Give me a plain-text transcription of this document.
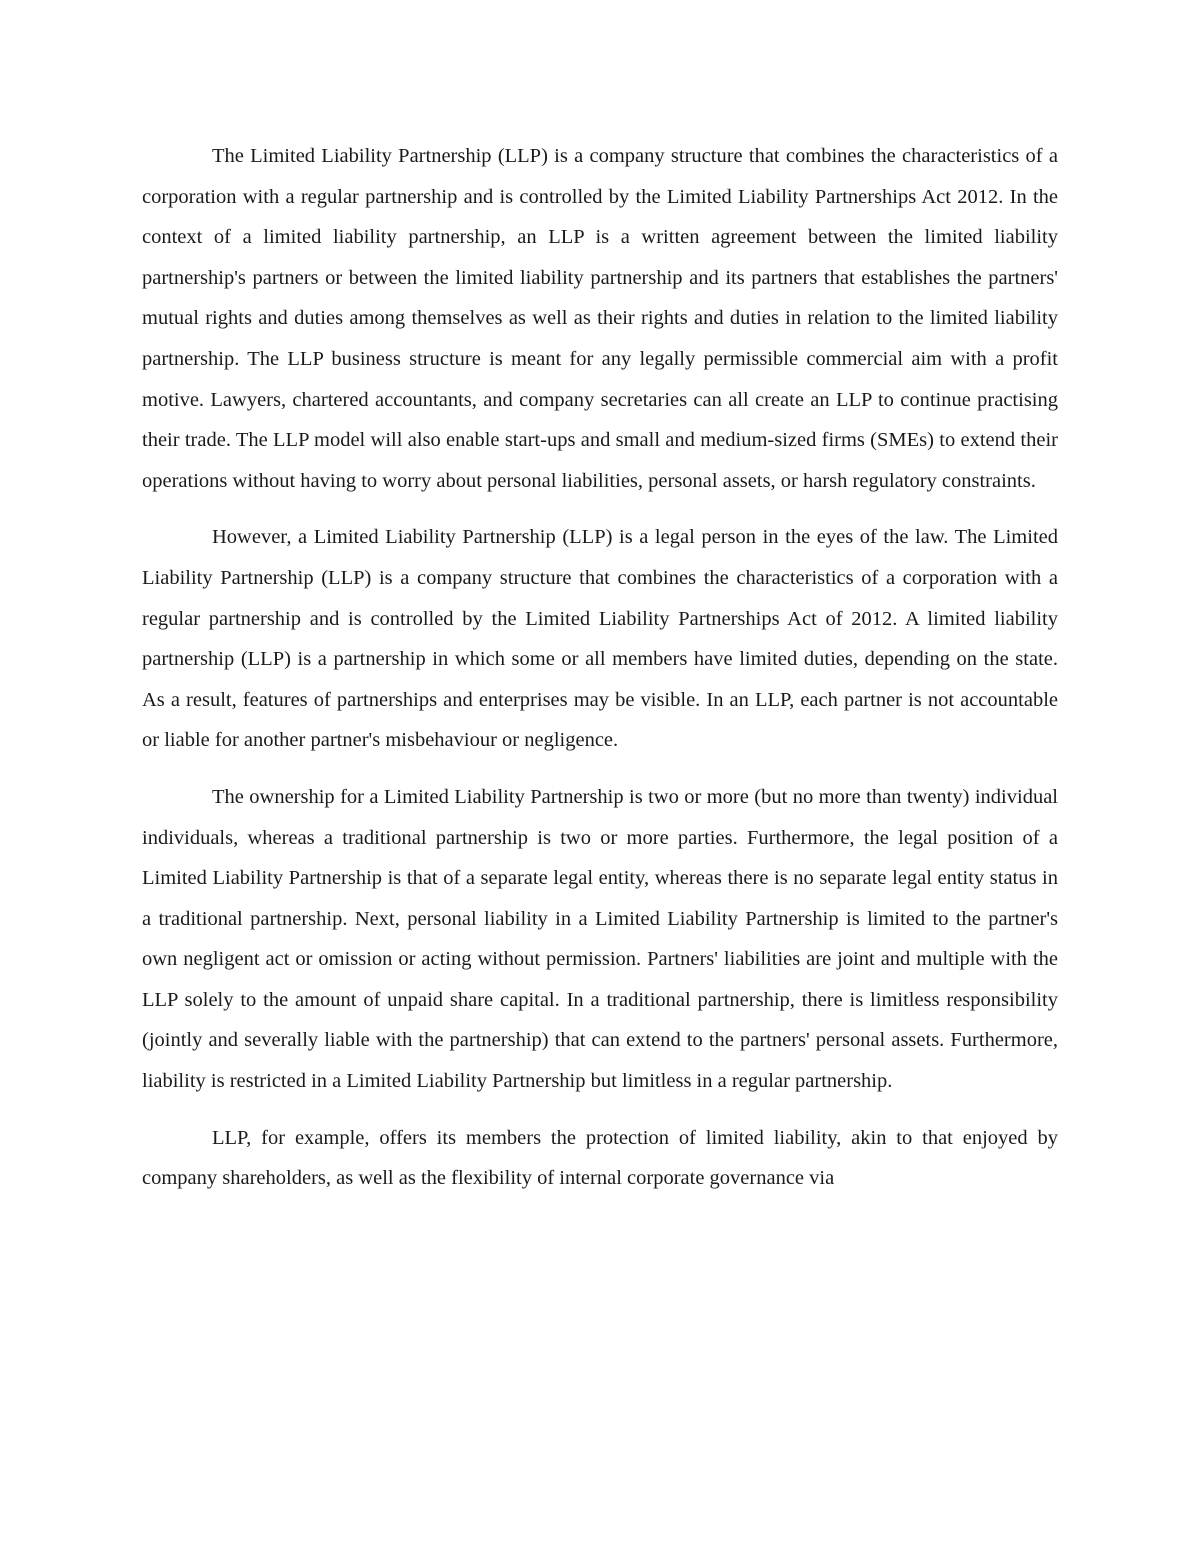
The Limited Liability Partnership (LLP) is a company structure that combines the characteristics of a corporation with a regular partnership and is controlled by the Limited Liability Partnerships Act 2012. In the context of a limited liability partnership, an LLP is a written agreement between the limited liability partnership's partners or between the limited liability partnership and its partners that establishes the partners' mutual rights and duties among themselves as well as their rights and duties in relation to the limited liability partnership. The LLP business structure is meant for any legally permissible commercial aim with a profit motive. Lawyers, chartered accountants, and company secretaries can all create an LLP to continue practising their trade. The LLP model will also enable start-ups and small and medium-sized firms (SMEs) to extend their operations without having to worry about personal liabilities, personal assets, or harsh regulatory constraints.

However, a Limited Liability Partnership (LLP) is a legal person in the eyes of the law. The Limited Liability Partnership (LLP) is a company structure that combines the characteristics of a corporation with a regular partnership and is controlled by the Limited Liability Partnerships Act of 2012. A limited liability partnership (LLP) is a partnership in which some or all members have limited duties, depending on the state. As a result, features of partnerships and enterprises may be visible. In an LLP, each partner is not accountable or liable for another partner's misbehaviour or negligence.

The ownership for a Limited Liability Partnership is two or more (but no more than twenty) individual individuals, whereas a traditional partnership is two or more parties. Furthermore, the legal position of a Limited Liability Partnership is that of a separate legal entity, whereas there is no separate legal entity status in a traditional partnership. Next, personal liability in a Limited Liability Partnership is limited to the partner's own negligent act or omission or acting without permission. Partners' liabilities are joint and multiple with the LLP solely to the amount of unpaid share capital. In a traditional partnership, there is limitless responsibility (jointly and severally liable with the partnership) that can extend to the partners' personal assets. Furthermore, liability is restricted in a Limited Liability Partnership but limitless in a regular partnership.

LLP, for example, offers its members the protection of limited liability, akin to that enjoyed by company shareholders, as well as the flexibility of internal corporate governance via
